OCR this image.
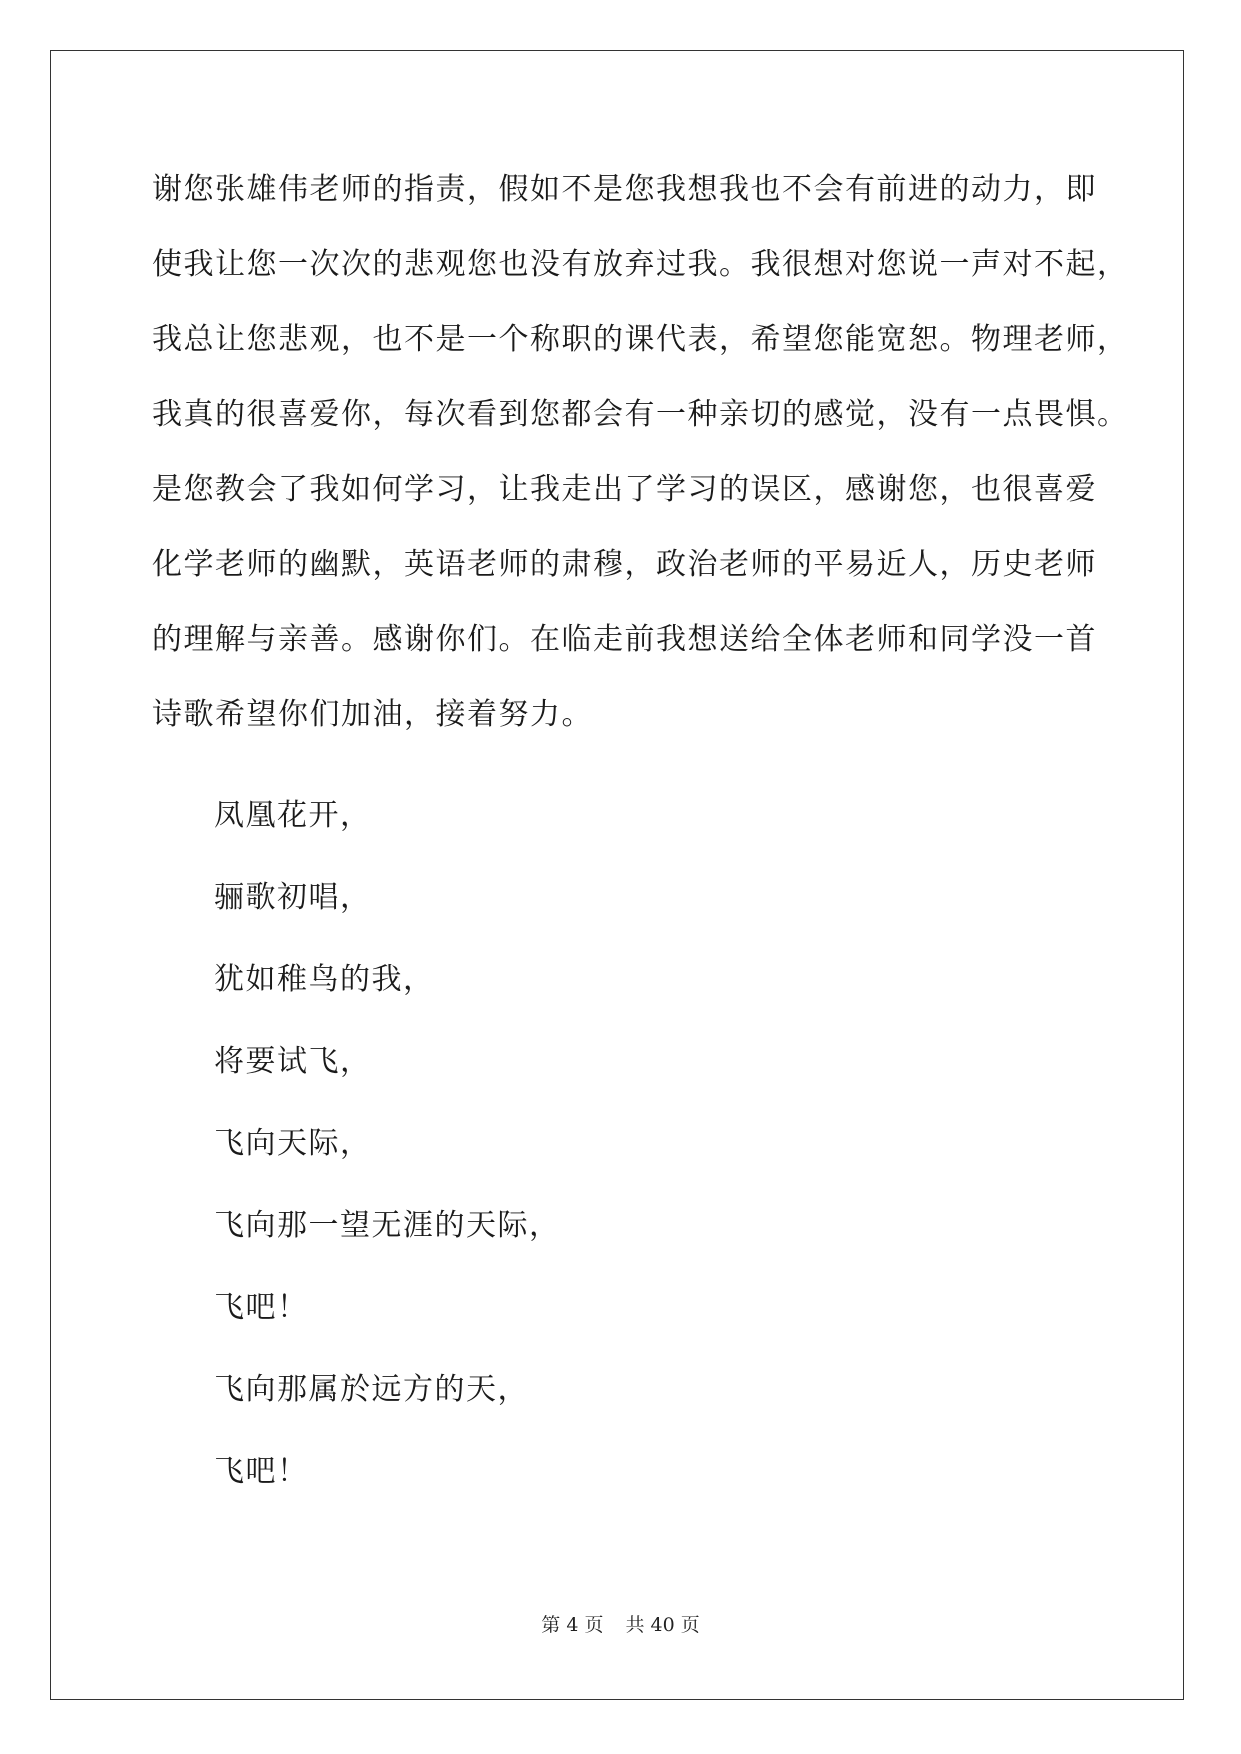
谢您张雄伟老师的指责，假如不是您我想我也不会有前进的动力，即
使我让您一次次的悲观您也没有放弃过我。我很想对您说一声对不起，
我总让您悲观，也不是一个称职的课代表，希望您能宽恕。物理老师，
我真的很喜爱你，每次看到您都会有一种亲切的感觉，没有一点畏惧。
是您教会了我如何学习，让我走出了学习的误区，感谢您，也很喜爱
化学老师的幽默，英语老师的肃穆，政治老师的平易近人，历史老师
的理解与亲善。感谢你们。在临走前我想送给全体老师和同学没一首
诗歌希望你们加油，接着努力。
凤凰花开，
骊歌初唱，
犹如稚鸟的我，
将要试飞，
飞向天际，
飞向那一望无涯的天际，
飞吧！
飞向那属於远方的天，
飞吧！
第 4 页 共 40 页
